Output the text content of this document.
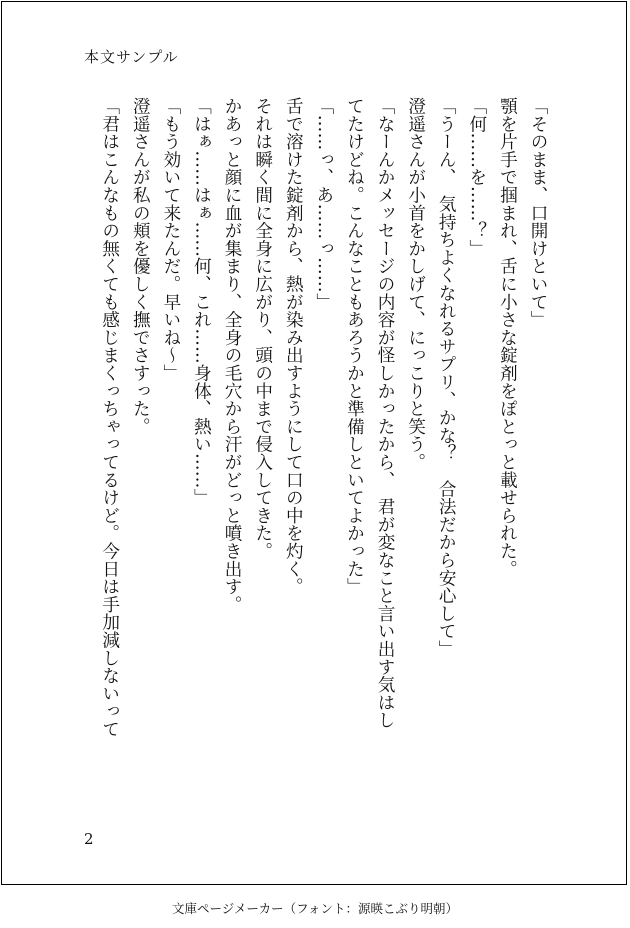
本文サンプル

「そのまま、口開けといて」

顎を片手で掴まれ、舌に小さな錠剤をぽとっと載せられた。

「何……を……？」

「うーん、　気持ちよくなれるサプリ、かな？　合法だから安心して」

澄遥さんが小首をかしげて、にっこりと笑う。

「なーんかメッセージの内容が怪しかったから、　君が変なこと言い出す気はし

てたけどね。こんなこともあろうかと準備しといてよかった」

「……っ、あ……っ……」

舌で溶けた錠剤から、熱が染み出すようにして口の中を灼く。

それは瞬く間に全身に広がり、頭の中まで侵入してきた。

かあっと顔に血が集まり、全身の毛穴から汗がどっと噴き出す。

「はぁ……はぁ……何、これ……身体、熱い……」

「もう効いて来たんだ。早いね～」

澄遥さんが私の頬を優しく撫でさすった。

「君はこんなもの無くても感じまくっちゃってるけど。今日は手加減しないって

2
文庫ページメーカー（フォント：源暎こぶり明朝）
